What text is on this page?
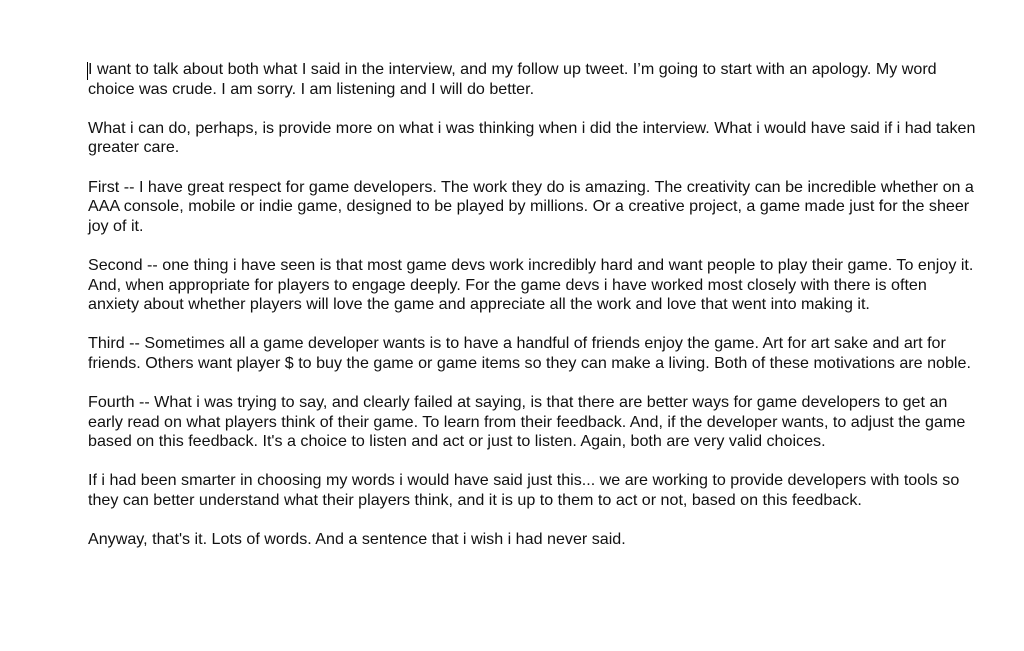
I want to talk about both what I said in the interview, and my follow up tweet. I’m going to start with an apology. My word choice was crude. I am sorry. I am listening and I will do better.

What i can do, perhaps, is provide more on what i was thinking when i did the interview. What i would have said if i had taken greater care.

First -- I have great respect for game developers. The work they do is amazing. The creativity can be incredible whether on a AAA console, mobile or indie game, designed to be played by millions. Or a creative project, a game made just for the sheer joy of it.

Second -- one thing i have seen is that most game devs work incredibly hard and want people to play their game. To enjoy it. And, when appropriate for players to engage deeply. For the game devs i have worked most closely with there is often anxiety about whether players will love the game and appreciate all the work and love that went into making it.

Third -- Sometimes all a game developer wants is to have a handful of friends enjoy the game. Art for art sake and art for friends. Others want player $ to buy the game or game items so they can make a living. Both of these motivations are noble.

Fourth -- What i was trying to say, and clearly failed at saying, is that there are better ways for game developers to get an early read on what players think of their game. To learn from their feedback. And, if the developer wants, to adjust the game based on this feedback. It's a choice to listen and act or just to listen. Again, both are very valid choices.

If i had been smarter in choosing my words i would have said just this... we are working to provide developers with tools so they can better understand what their players think, and it is up to them to act or not, based on this feedback.

Anyway, that's it. Lots of words. And a sentence that i wish i had never said.
